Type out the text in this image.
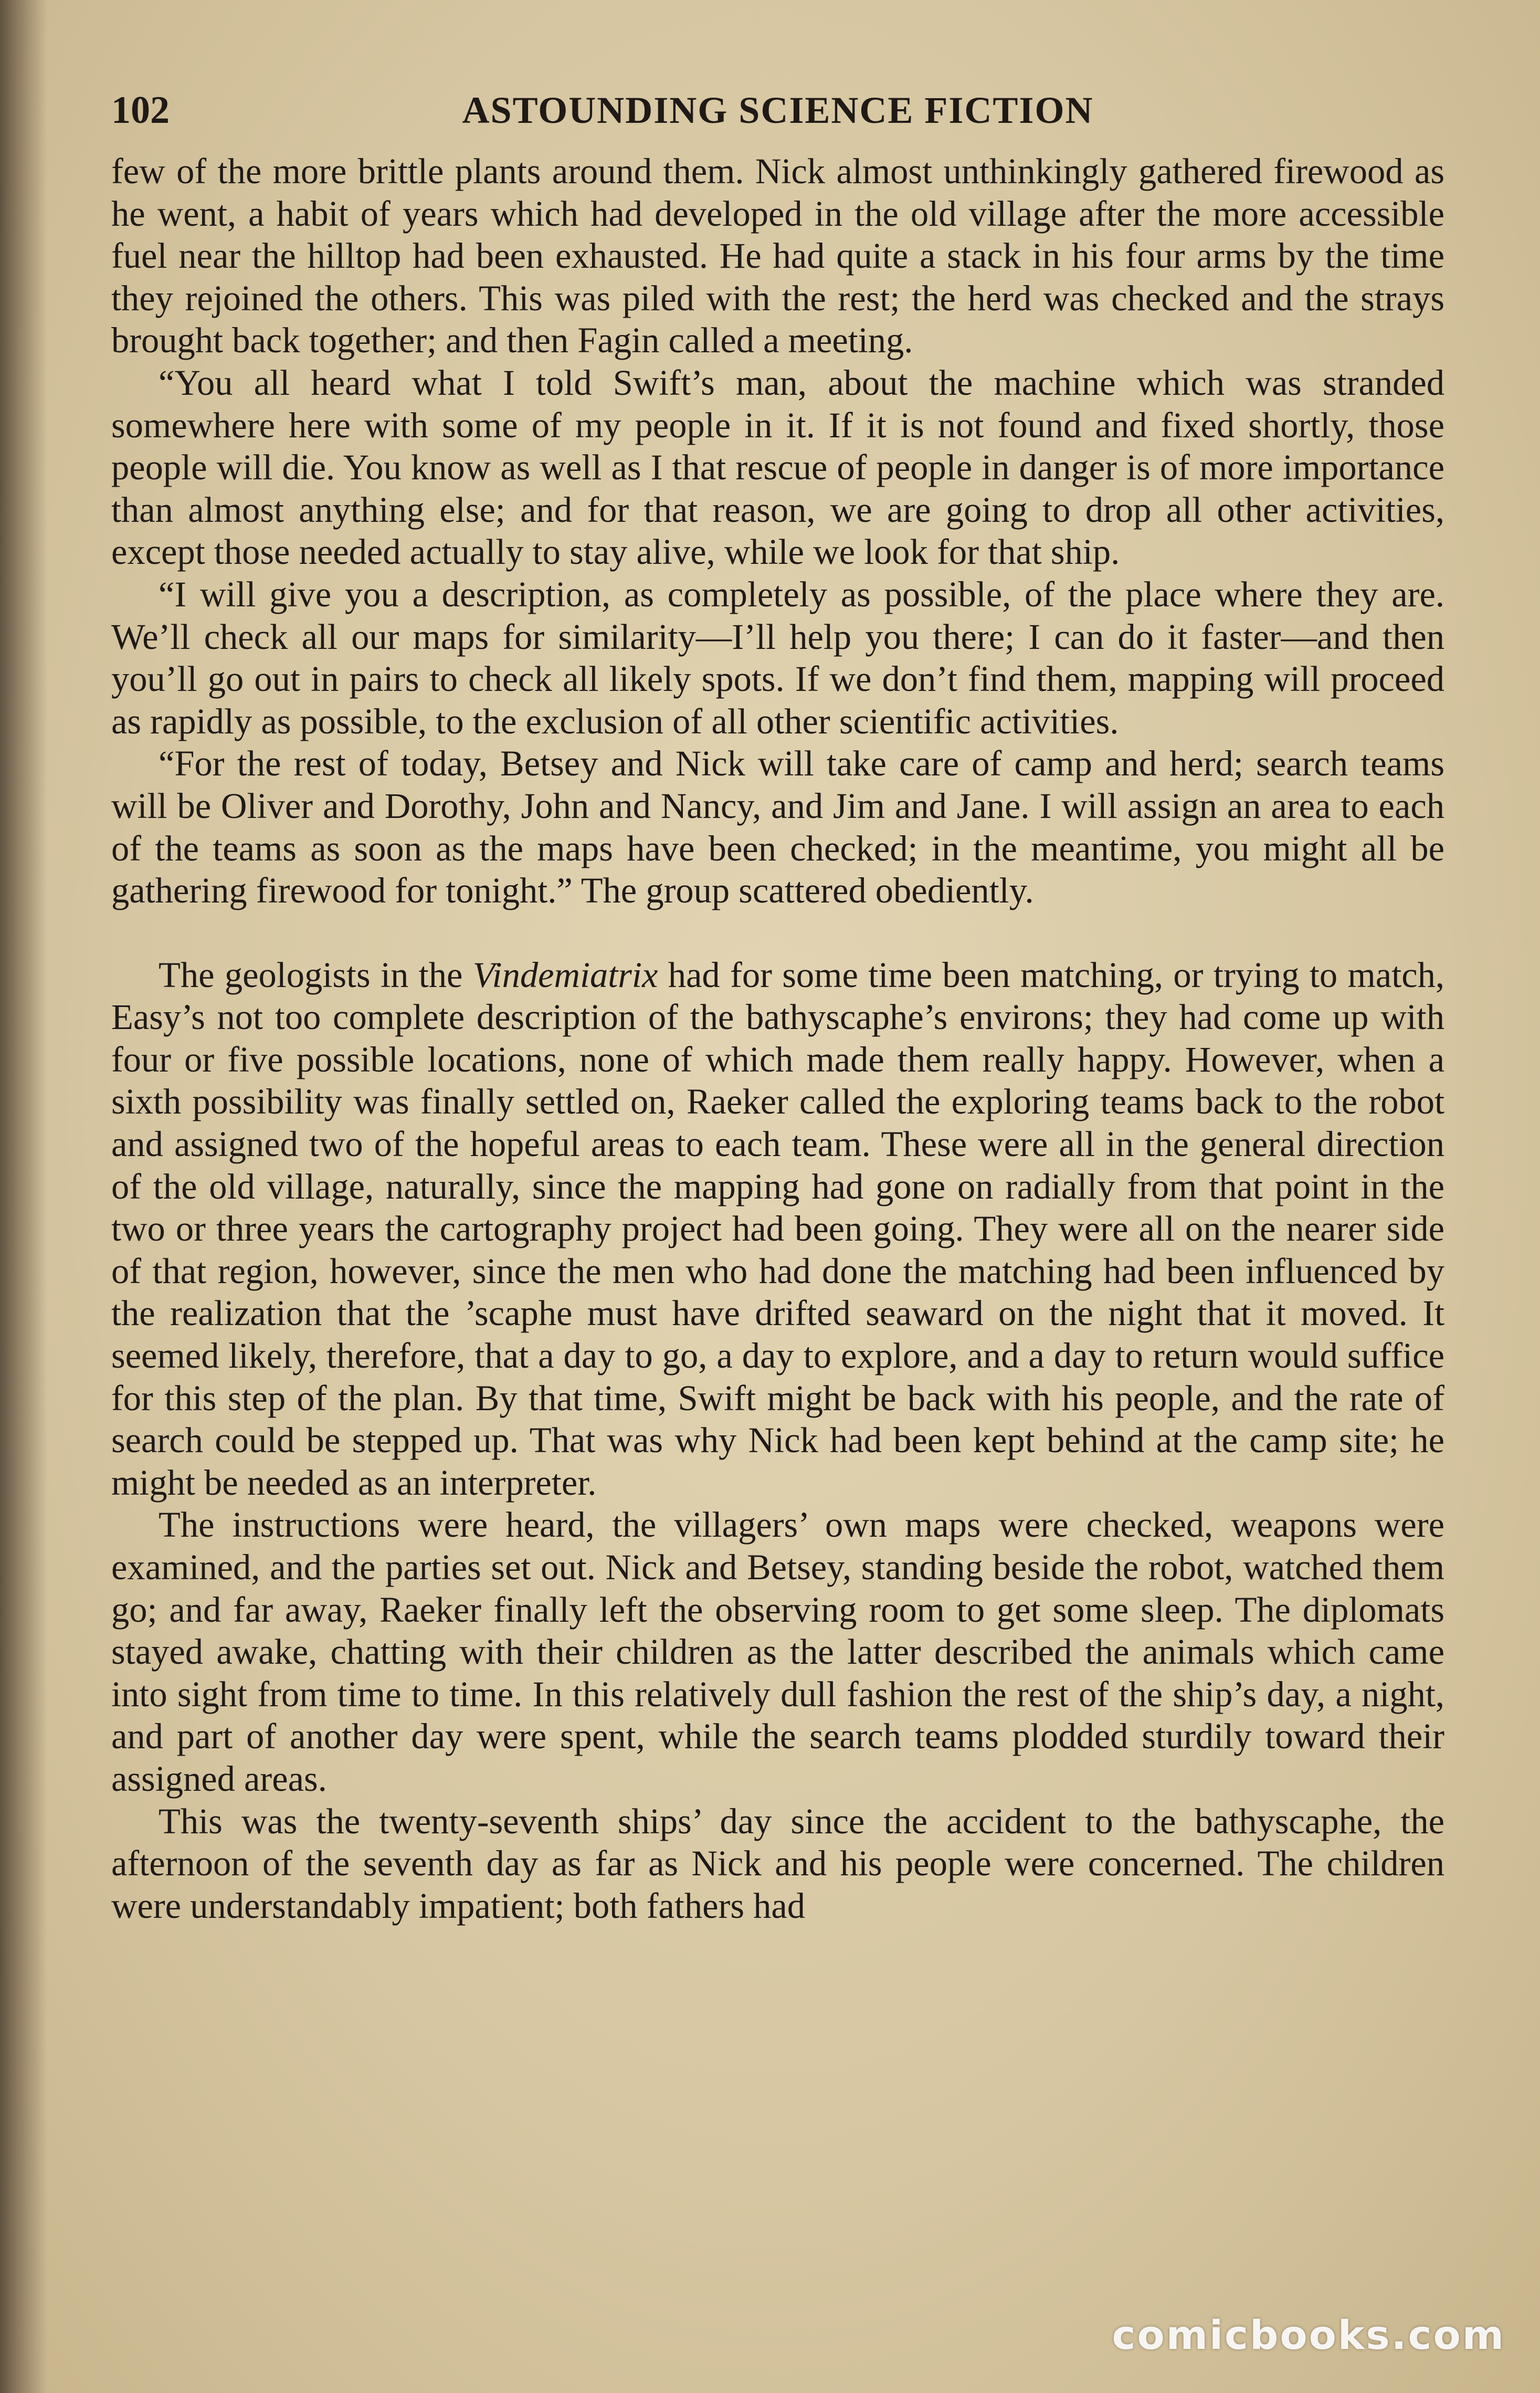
102	ASTOUNDING SCIENCE FICTION

few of the more brittle plants around them. Nick almost unthinkingly gathered firewood as he went, a habit of years which had developed in the old village after the more accessible fuel near the hilltop had been exhausted. He had quite a stack in his four arms by the time they rejoined the others. This was piled with the rest; the herd was checked and the strays brought back together; and then Fagin called a meeting.

“You all heard what I told Swift’s man, about the machine which was stranded somewhere here with some of my people in it. If it is not found and fixed shortly, those people will die. You know as well as I that rescue of people in danger is of more importance than almost anything else; and for that reason, we are going to drop all other activities, except those needed actually to stay alive, while we look for that ship.

“I will give you a description, as completely as possible, of the place where they are. We’ll check all our maps for similarity—I’ll help you there; I can do it faster—and then you’ll go out in pairs to check all likely spots. If we don’t find them, mapping will proceed as rapidly as possible, to the exclusion of all other scientific activities.

“For the rest of today, Betsey and Nick will take care of camp and herd; search teams will be Oliver and Dorothy, John and Nancy, and Jim and Jane. I will assign an area to each of the teams as soon as the maps have been checked; in the meantime, you might all be gathering firewood for tonight.” The group scattered obediently.

The geologists in the Vindemiatrix had for some time been matching, or trying to match, Easy’s not too complete description of the bathyscaphe’s environs; they had come up with four or five possible locations, none of which made them really happy. However, when a sixth possibility was finally settled on, Raeker called the exploring teams back to the robot and assigned two of the hopeful areas to each team. These were all in the general direction of the old village, naturally, since the mapping had gone on radially from that point in the two or three years the cartography project had been going. They were all on the nearer side of that region, however, since the men who had done the matching had been influenced by the realization that the ’scaphe must have drifted seaward on the night that it moved. It seemed likely, therefore, that a day to go, a day to explore, and a day to return would suffice for this step of the plan. By that time, Swift might be back with his people, and the rate of search could be stepped up. That was why Nick had been kept behind at the camp site; he might be needed as an interpreter.

The instructions were heard, the villagers’ own maps were checked, weapons were examined, and the parties set out. Nick and Betsey, standing beside the robot, watched them go; and far away, Raeker finally left the observing room to get some sleep. The diplomats stayed awake, chatting with their children as the latter described the animals which came into sight from time to time. In this relatively dull fashion the rest of the ship’s day, a night, and part of another day were spent, while the search teams plodded sturdily toward their assigned areas.

This was the twenty-seventh ships’ day since the accident to the bathyscaphe, the afternoon of the seventh day as far as Nick and his people were concerned. The children were understandably impatient; both fathers had

comicbooks.com
